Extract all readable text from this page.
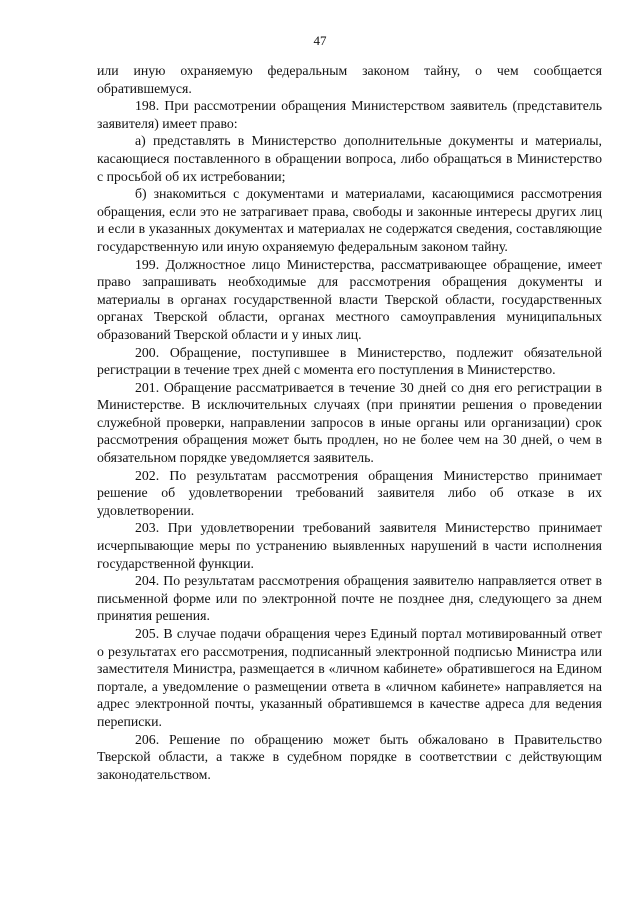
47

или иную охраняемую федеральным законом тайну, о чем сообщается обратившемуся.

198. При рассмотрении обращения Министерством заявитель (представитель заявителя) имеет право:

а) представлять в Министерство дополнительные документы и материалы, касающиеся поставленного в обращении вопроса, либо обращаться в Министерство с просьбой об их истребовании;

б) знакомиться с документами и материалами, касающимися рассмотрения обращения, если это не затрагивает права, свободы и законные интересы других лиц и если в указанных документах и материалах не содержатся сведения, составляющие государственную или иную охраняемую федеральным законом тайну.

199. Должностное лицо Министерства, рассматривающее обращение, имеет право запрашивать необходимые для рассмотрения обращения документы и материалы в органах государственной власти Тверской области, государственных органах Тверской области, органах местного самоуправления муниципальных образований Тверской области и у иных лиц.

200. Обращение, поступившее в Министерство, подлежит обязательной регистрации в течение трех дней с момента его поступления в Министерство.

201. Обращение рассматривается в течение 30 дней со дня его регистрации в Министерстве. В исключительных случаях (при принятии решения о проведении служебной проверки, направлении запросов в иные органы или организации) срок рассмотрения обращения может быть продлен, но не более чем на 30 дней, о чем в обязательном порядке уведомляется заявитель.

202. По результатам рассмотрения обращения Министерство принимает решение об удовлетворении требований заявителя либо об отказе в их удовлетворении.

203. При удовлетворении требований заявителя Министерство принимает исчерпывающие меры по устранению выявленных нарушений в части исполнения государственной функции.

204. По результатам рассмотрения обращения заявителю направляется ответ в письменной форме или по электронной почте не позднее дня, следующего за днем принятия решения.

205. В случае подачи обращения через Единый портал мотивированный ответ о результатах его рассмотрения, подписанный электронной подписью Министра или заместителя Министра, размещается в «личном кабинете» обратившегося на Едином портале, а уведомление о размещении ответа в «личном кабинете» направляется на адрес электронной почты, указанный обратившемся в качестве адреса для ведения переписки.

206. Решение по обращению может быть обжаловано в Правительство Тверской области, а также в судебном порядке в соответствии с действующим законодательством.
